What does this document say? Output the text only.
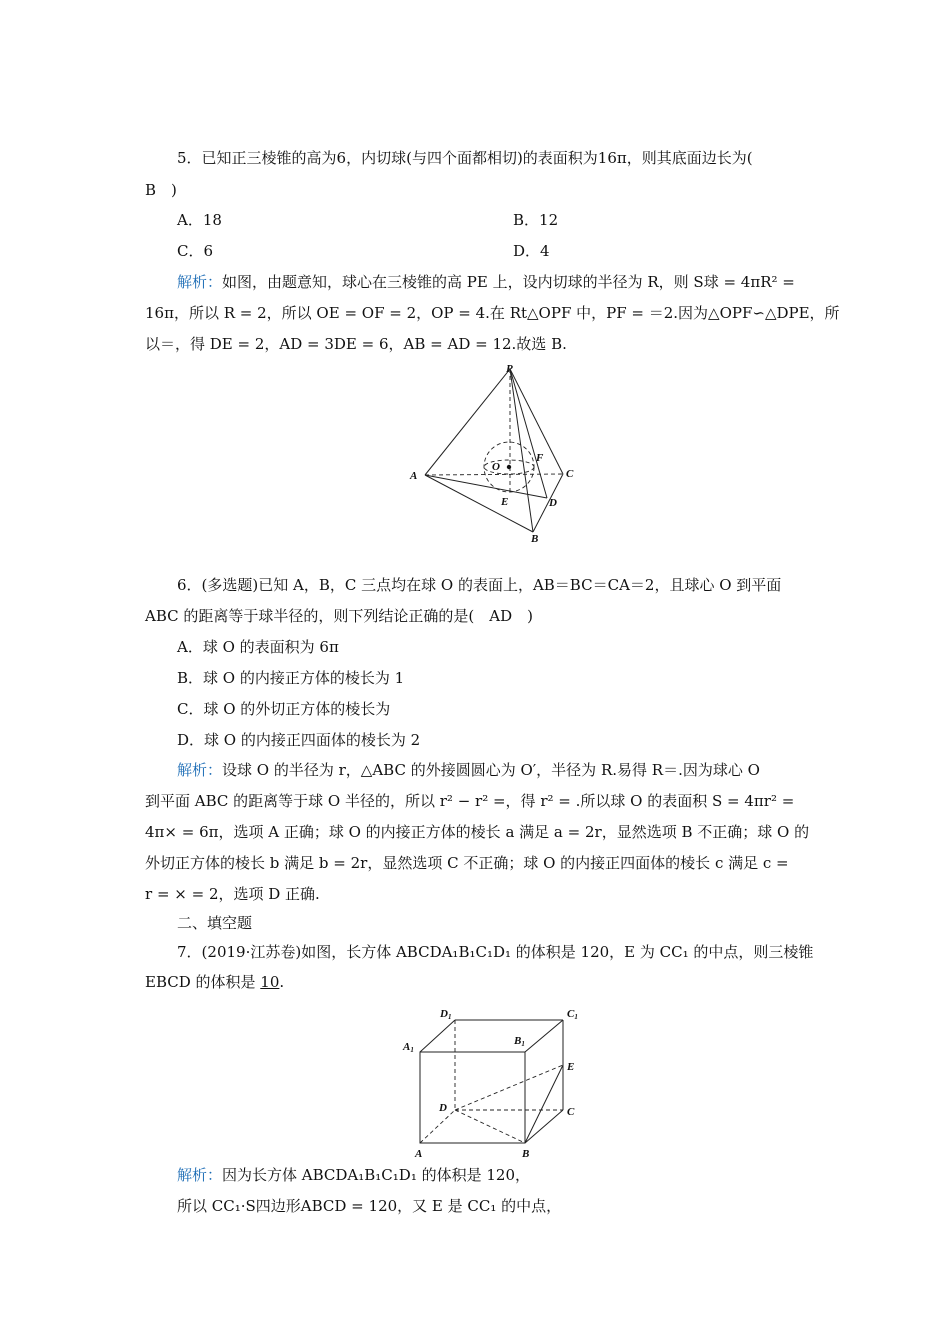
5．已知正三棱锥的高为6，内切球(与四个面都相切)的表面积为16π，则其底面边长为(
B　)
A．18	B．12
C．6	D．4
解析：如图，由题意知，球心在三棱锥的高 PE 上，设内切球的半径为 R，则 S球 = 4πR² =
16π，所以 R = 2，所以 OE = OF = 2，OP = 4.在 Rt△OPF 中，PF = ＝2.因为△OPF∽△DPE，所
以＝，得 DE = 2，AD = 3DE = 6，AB = AD = 12.故选 B.
P
A	C
B
D
E
F
O
6．(多选题)已知 A，B，C 三点均在球 O 的表面上，AB＝BC＝CA＝2，且球心 O 到平面
ABC 的距离等于球半径的，则下列结论正确的是(　AD　)
A．球 O 的表面积为 6π
B．球 O 的内接正方体的棱长为 1
C．球 O 的外切正方体的棱长为
D．球 O 的内接正四面体的棱长为 2
解析：设球 O 的半径为 r，△ABC 的外接圆圆心为 O′，半径为 R.易得 R＝.因为球心 O
到平面 ABC 的距离等于球 O 半径的，所以 r² − r² =，得 r² = .所以球 O 的表面积 S = 4πr² =
4π× = 6π，选项 A 正确；球 O 的内接正方体的棱长 a 满足 a = 2r，显然选项 B 不正确；球 O 的
外切正方体的棱长 b 满足 b = 2r，显然选项 C 不正确；球 O 的内接正四面体的棱长 c 满足 c =
r = × = 2，选项 D 正确.
二、填空题
7．(2019·江苏卷)如图，长方体 ABCDA₁B₁C₁D₁ 的体积是 120，E 为 CC₁ 的中点，则三棱锥
EBCD 的体积是 10.
D1	C1
A1
B1
E
D	C
A	B
解析：因为长方体 ABCDA₁B₁C₁D₁ 的体积是 120，
所以 CC₁·S四边形ABCD = 120，又 E 是 CC₁ 的中点，
